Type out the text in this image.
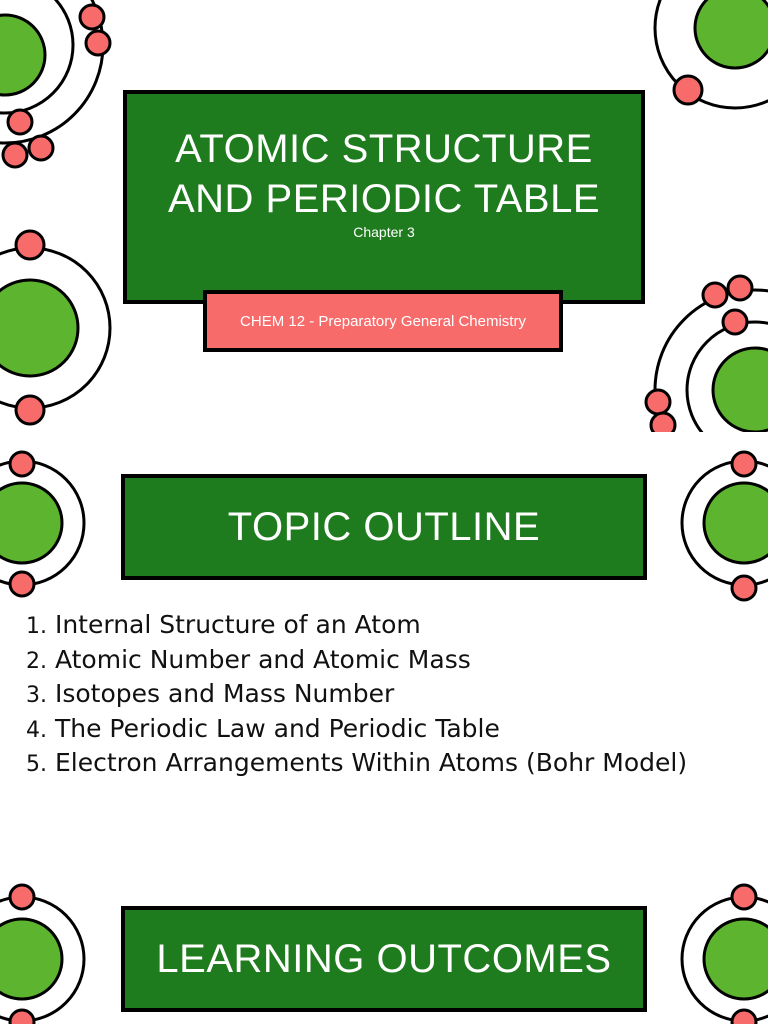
ATOMIC STRUCTURE
AND PERIODIC TABLE
Chapter 3
CHEM 12 - Preparatory General Chemistry
TOPIC OUTLINE
1. Internal Structure of an Atom
2. Atomic Number and Atomic Mass
3. Isotopes and Mass Number
4. The Periodic Law and Periodic Table
5. Electron Arrangements Within Atoms (Bohr Model)
LEARNING OUTCOMES
